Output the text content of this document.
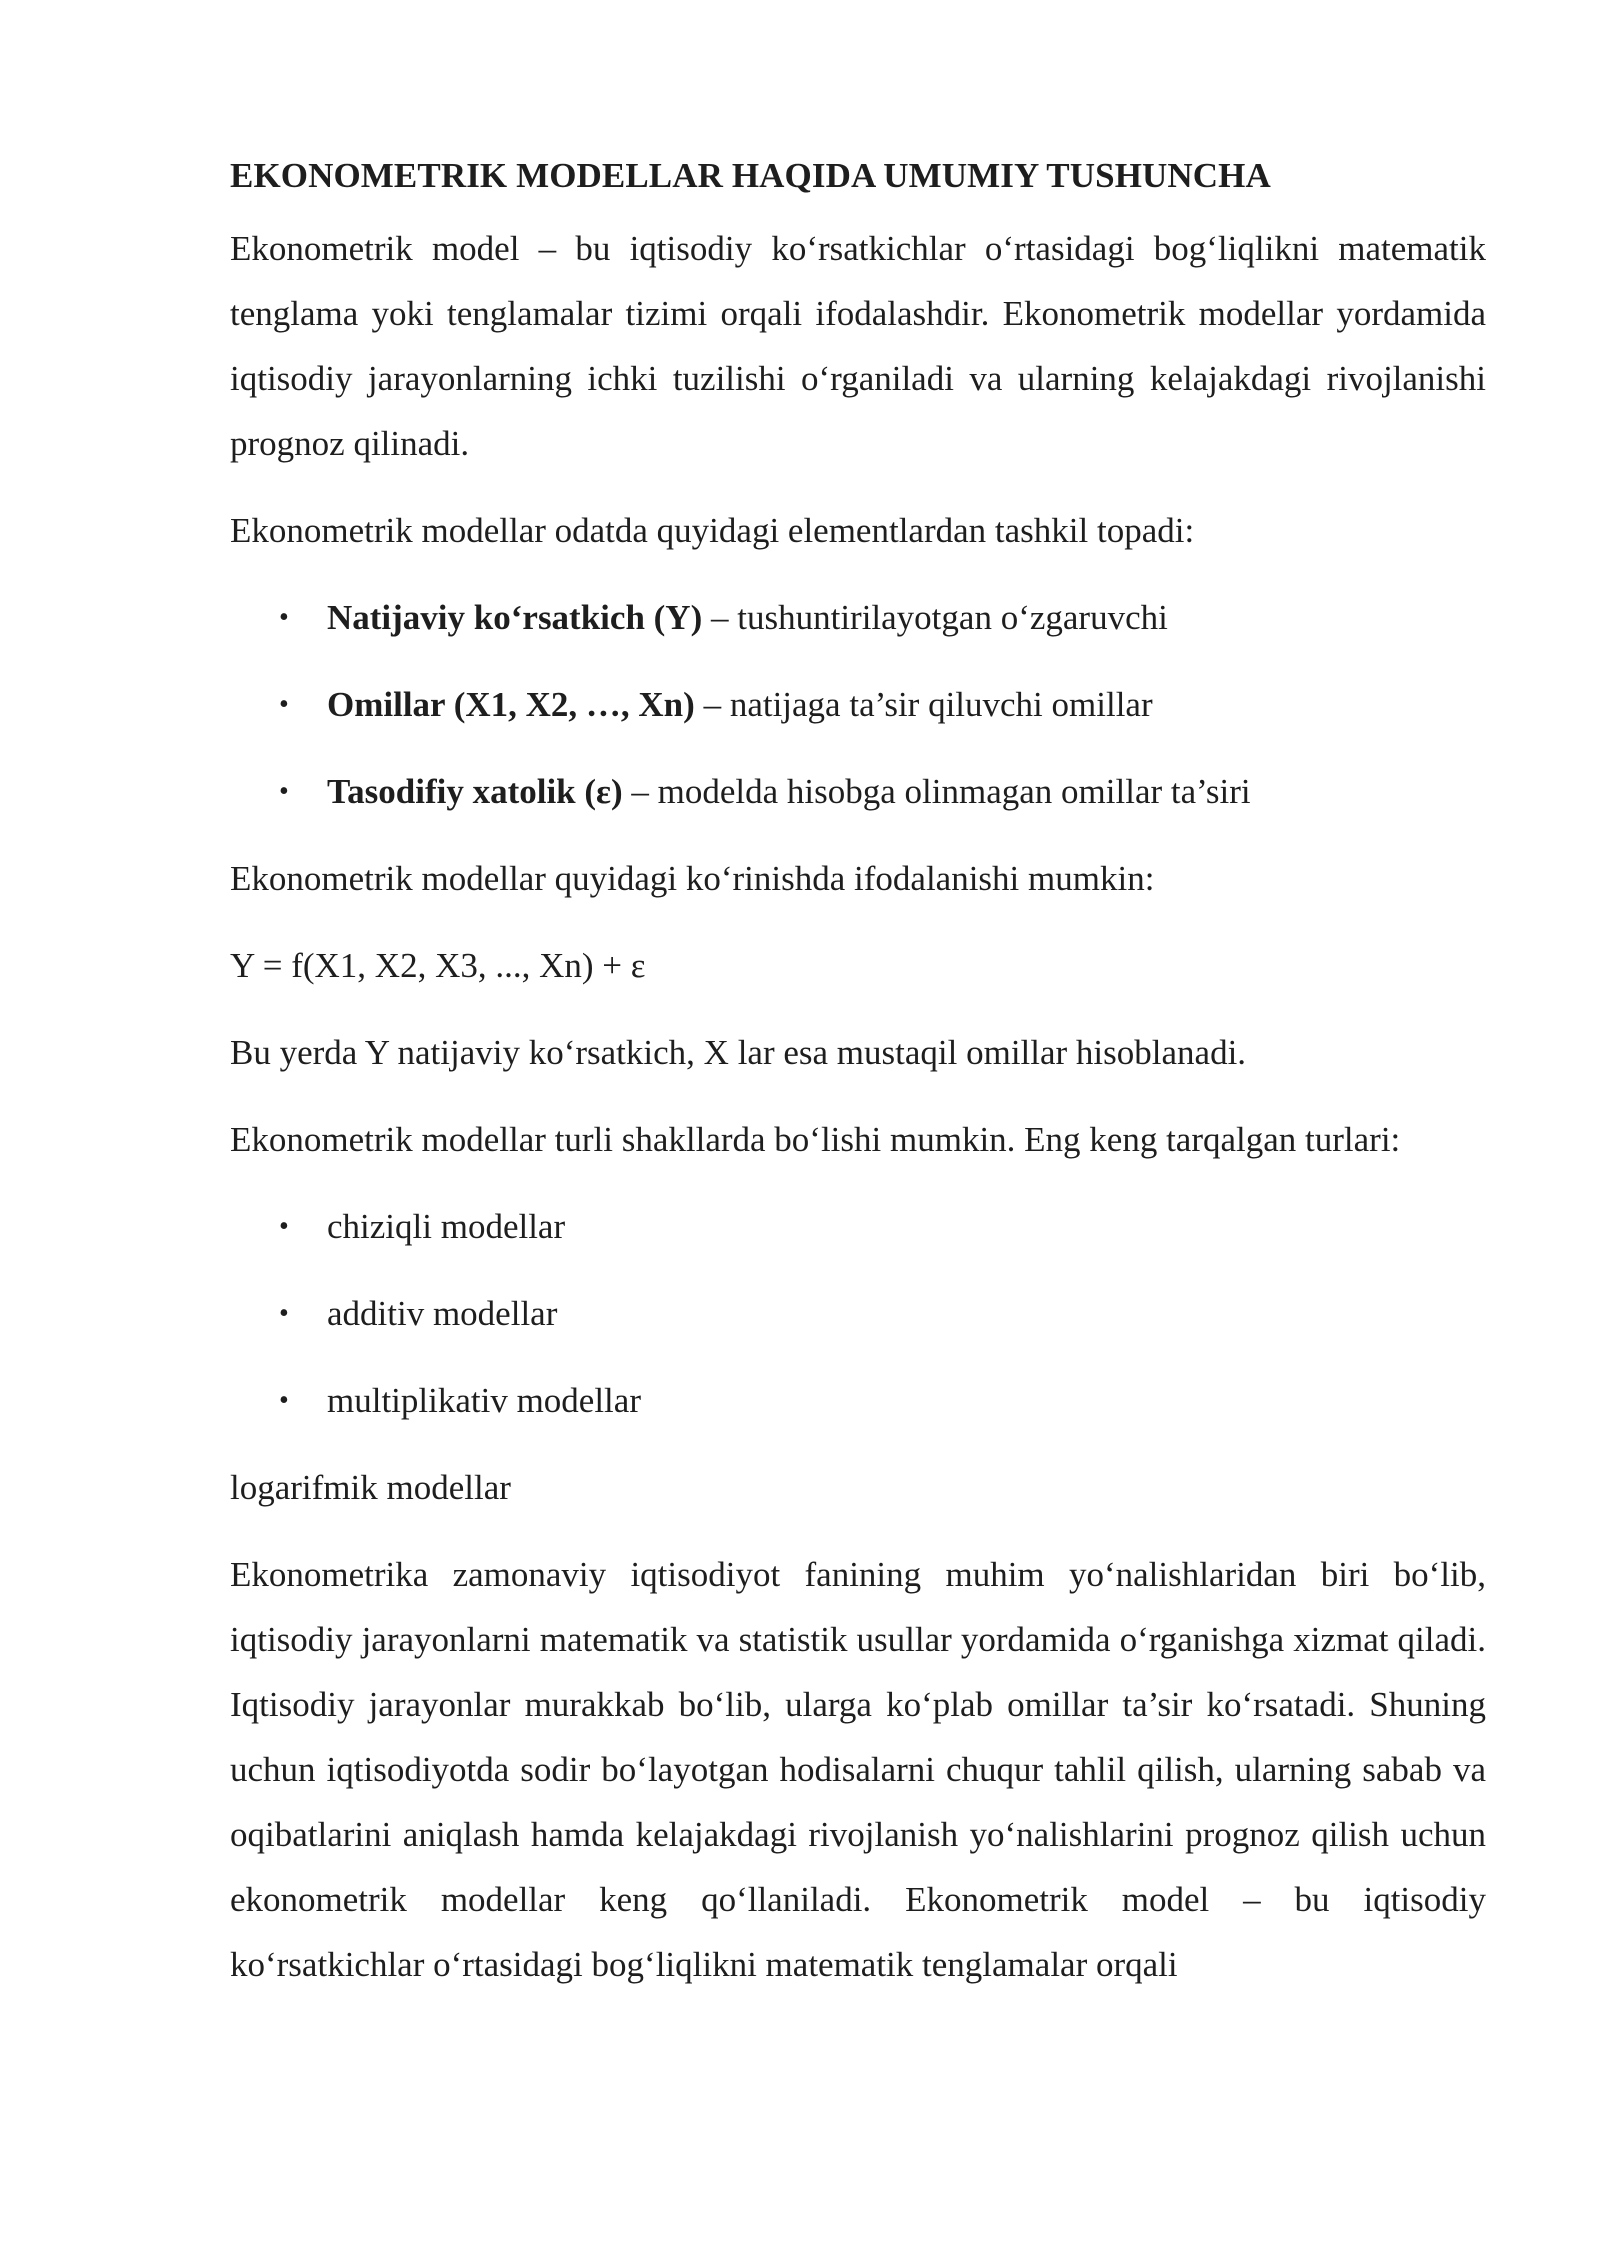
EKONOMETRIK MODELLAR HAQIDA UMUMIY TUSHUNCHA
Ekonometrik model – bu iqtisodiy koʻrsatkichlar oʻrtasidagi bogʻliqlikni matematik tenglama yoki tenglamalar tizimi orqali ifodalashdir. Ekonometrik modellar yordamida iqtisodiy jarayonlarning ichki tuzilishi oʻrganiladi va ularning kelajakdagi rivojlanishi prognoz qilinadi.
Ekonometrik modellar odatda quyidagi elementlardan tashkil topadi:
• Natijaviy koʻrsatkich (Y) – tushuntirilayotgan oʻzgaruvchi
• Omillar (X1, X2, …, Xn) – natijaga ta’sir qiluvchi omillar
• Tasodifiy xatolik (ε) – modelda hisobga olinmagan omillar ta’siri
Ekonometrik modellar quyidagi koʻrinishda ifodalanishi mumkin:
Y = f(X1, X2, X3, ..., Xn) + ε
Bu yerda Y natijaviy koʻrsatkich, X lar esa mustaqil omillar hisoblanadi.
Ekonometrik modellar turli shakllarda boʻlishi mumkin. Eng keng tarqalgan turlari:
• chiziqli modellar
• additiv modellar
• multiplikativ modellar
logarifmik modellar
Ekonometrika zamonaviy iqtisodiyot fanining muhim yoʻnalishlaridan biri boʻlib, iqtisodiy jarayonlarni matematik va statistik usullar yordamida oʻrganishga xizmat qiladi. Iqtisodiy jarayonlar murakkab boʻlib, ularga koʻplab omillar ta’sir koʻrsatadi. Shuning uchun iqtisodiyotda sodir boʻlayotgan hodisalarni chuqur tahlil qilish, ularning sabab va oqibatlarini aniqlash hamda kelajakdagi rivojlanish yoʻnalishlarini prognoz qilish uchun ekonometrik modellar keng qoʻllaniladi. Ekonometrik model – bu iqtisodiy koʻrsatkichlar oʻrtasidagi bogʻliqlikni matematik tenglamalar orqali
